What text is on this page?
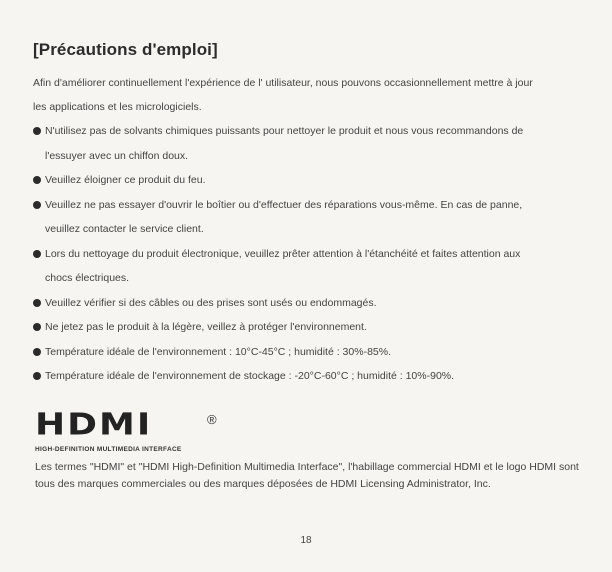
[Précautions d'emploi]
Afin d'améliorer continuellement l'expérience de l' utilisateur, nous pouvons occasionnellement mettre à jour
les applications et les micrologiciels.
N'utilisez pas de solvants chimiques puissants pour nettoyer le produit et nous vous recommandons de
l'essuyer avec un chiffon doux.
Veuillez éloigner ce produit du feu.
Veuillez ne pas essayer d'ouvrir le boîtier ou d'effectuer des réparations vous-même. En cas de panne,
veuillez contacter le service client.
Lors du nettoyage du produit électronique, veuillez prêter attention à l'étanchéité et faites attention aux
chocs électriques.
Veuillez vérifier si des câbles ou des prises sont usés ou endommagés.
Ne jetez pas le produit à la légère, veillez à protéger l'environnement.
Température idéale de l'environnement : 10°C-45°C ; humidité : 30%-85%.
Température idéale de l'environnement de stockage : -20°C-60°C ; humidité : 10%-90%.
HDMI	®
HIGH-DEFINITION MULTIMEDIA INTERFACE
Les termes "HDMI" et "HDMI High-Definition Multimedia Interface", l'habillage commercial HDMI et le logo HDMI sont tous des marques commerciales ou des marques déposées de HDMI Licensing Administrator, Inc.
18
